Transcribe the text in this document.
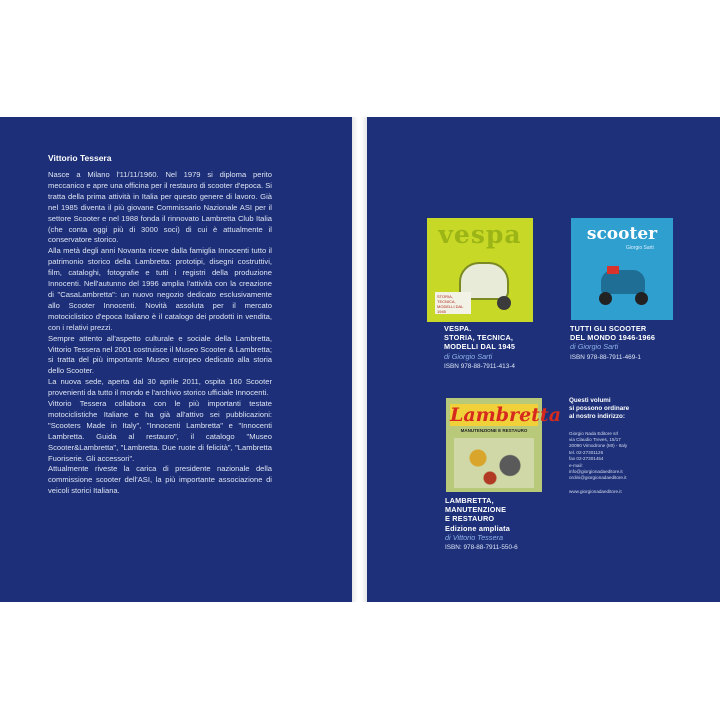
Vittorio Tessera

Nasce a Milano l'11/11/1960. Nel 1979 si diploma perito meccanico e apre una officina per il restauro di scooter d'epoca. Si tratta della prima attività in Italia per questo genere di lavoro. Già nel 1985 diventa il più giovane Commissario Nazionale ASI per il settore Scooter e nel 1988 fonda il rinnovato Lambretta Club Italia (che conta oggi più di 3000 soci) di cui è attualmente il conservatore storico.

Alla metà degli anni Novanta riceve dalla famiglia Innocenti tutto il patrimonio storico della Lambretta: prototipi, disegni costruttivi, film, cataloghi, fotografie e tutti i registri della produzione Innocenti. Nell'autunno del 1996 amplia l'attività con la creazione di "CasaLambretta": un nuovo negozio dedicato esclusivamente allo Scooter Innocenti. Novità assoluta per il mercato motociclistico d'epoca Italiano è il catalogo dei prodotti in vendita, con i relativi prezzi.

Sempre attento all'aspetto culturale e sociale della Lambretta, Vittorio Tessera nel 2001 costruisce il Museo Scooter & Lambretta; si tratta del più importante Museo europeo dedicato alla storia dello Scooter.

La nuova sede, aperta dal 30 aprile 2011, ospita 160 Scooter provenienti da tutto il mondo e l'archivio storico ufficiale Innocenti.

Vittorio Tessera collabora con le più importanti testate motociclistiche Italiane e ha già all'attivo sei pubblicazioni: "Scooters Made in Italy", "Innocenti Lambretta" e "Innocenti Lambretta. Guida al restauro", il catalogo "Museo Scooter&Lambretta", "Lambretta. Due ruote di felicità", "Lambretta Fuoriserie. Gli accessori".

Attualmente riveste la carica di presidente nazionale della commissione scooter dell'ASI, la più importante associazione di veicoli storici Italiana.

vespa
STORIA, TECNICA, MODELLI DAL 1945
scooter
Giorgio Sarti
Lambretta
MANUTENZIONE E RESTAURO
VESPA.
STORIA, TECNICA,
MODELLI DAL 1945
di Giorgio Sarti
ISBN 978-88-7911-413-4
TUTTI GLI SCOOTER
DEL MONDO 1946-1966
di Giorgio Sarti
ISBN 978-88-7911-469-1
LAMBRETTA,
MANUTENZIONE
E RESTAURO
Edizione ampliata
di Vittorio Tessera
ISBN: 978-88-7911-550-6
Questi volumi
si possono ordinare
al nostro indirizzo:
Giorgio Nada Editore srl
via Claudio Treves, 15/17
20090 Vimodrone (MI) - Italy
tel. 02-27301126
fax 02-27301454
e-mail:
info@giorgionadaeditore.it
ordini@giorgionadaeditore.it
www.giorgionadaeditore.it
